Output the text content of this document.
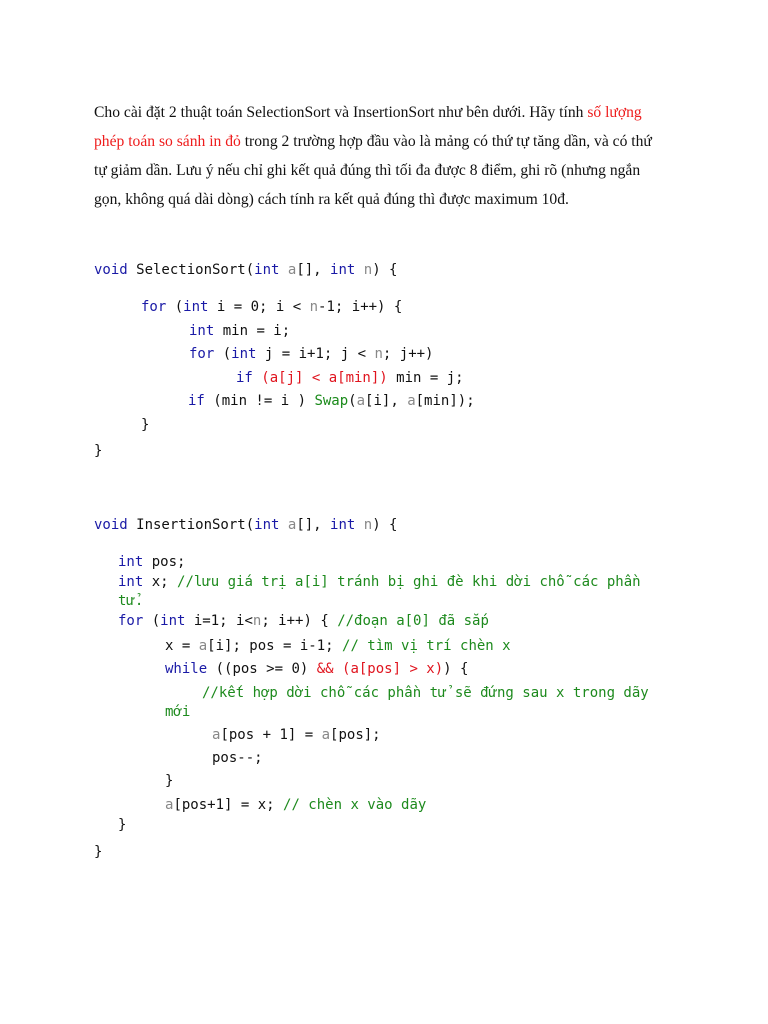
Cho cài đặt 2 thuật toán SelectionSort và InsertionSort như bên dưới. Hãy tính số lượng
phép toán so sánh in đỏ trong 2 trường hợp đầu vào là mảng có thứ tự tăng dần, và có thứ
tự giảm dần. Lưu ý nếu chỉ ghi kết quả đúng thì tối đa được 8 điểm, ghi rõ (nhưng ngắn
gọn, không quá dài dòng) cách tính ra kết quả đúng thì được maximum 10đ.
void SelectionSort(int a[], int n) {
for (int i = 0; i < n-1; i++) {
int min = i;
for (int j = i+1; j < n; j++)
if (a[j] < a[min]) min = j;
if (min != i ) Swap(a[i], a[min]);
}
}
void InsertionSort(int a[], int n) {
int pos;
int x; //lưu giá trị a[i] tránh bị ghi đè khi dời chỗ các phần
tử.
for (int i=1; i<n; i++) { //đoạn a[0] đã sắp
x = a[i]; pos = i-1; // tìm vị trí chèn x
while ((pos >= 0) && (a[pos] > x)) {
//kết hợp dời chỗ các phần tử sẽ đứng sau x trong dãy
mới
a[pos + 1] = a[pos];
pos--;
}
a[pos+1] = x; // chèn x vào dãy
}
}
